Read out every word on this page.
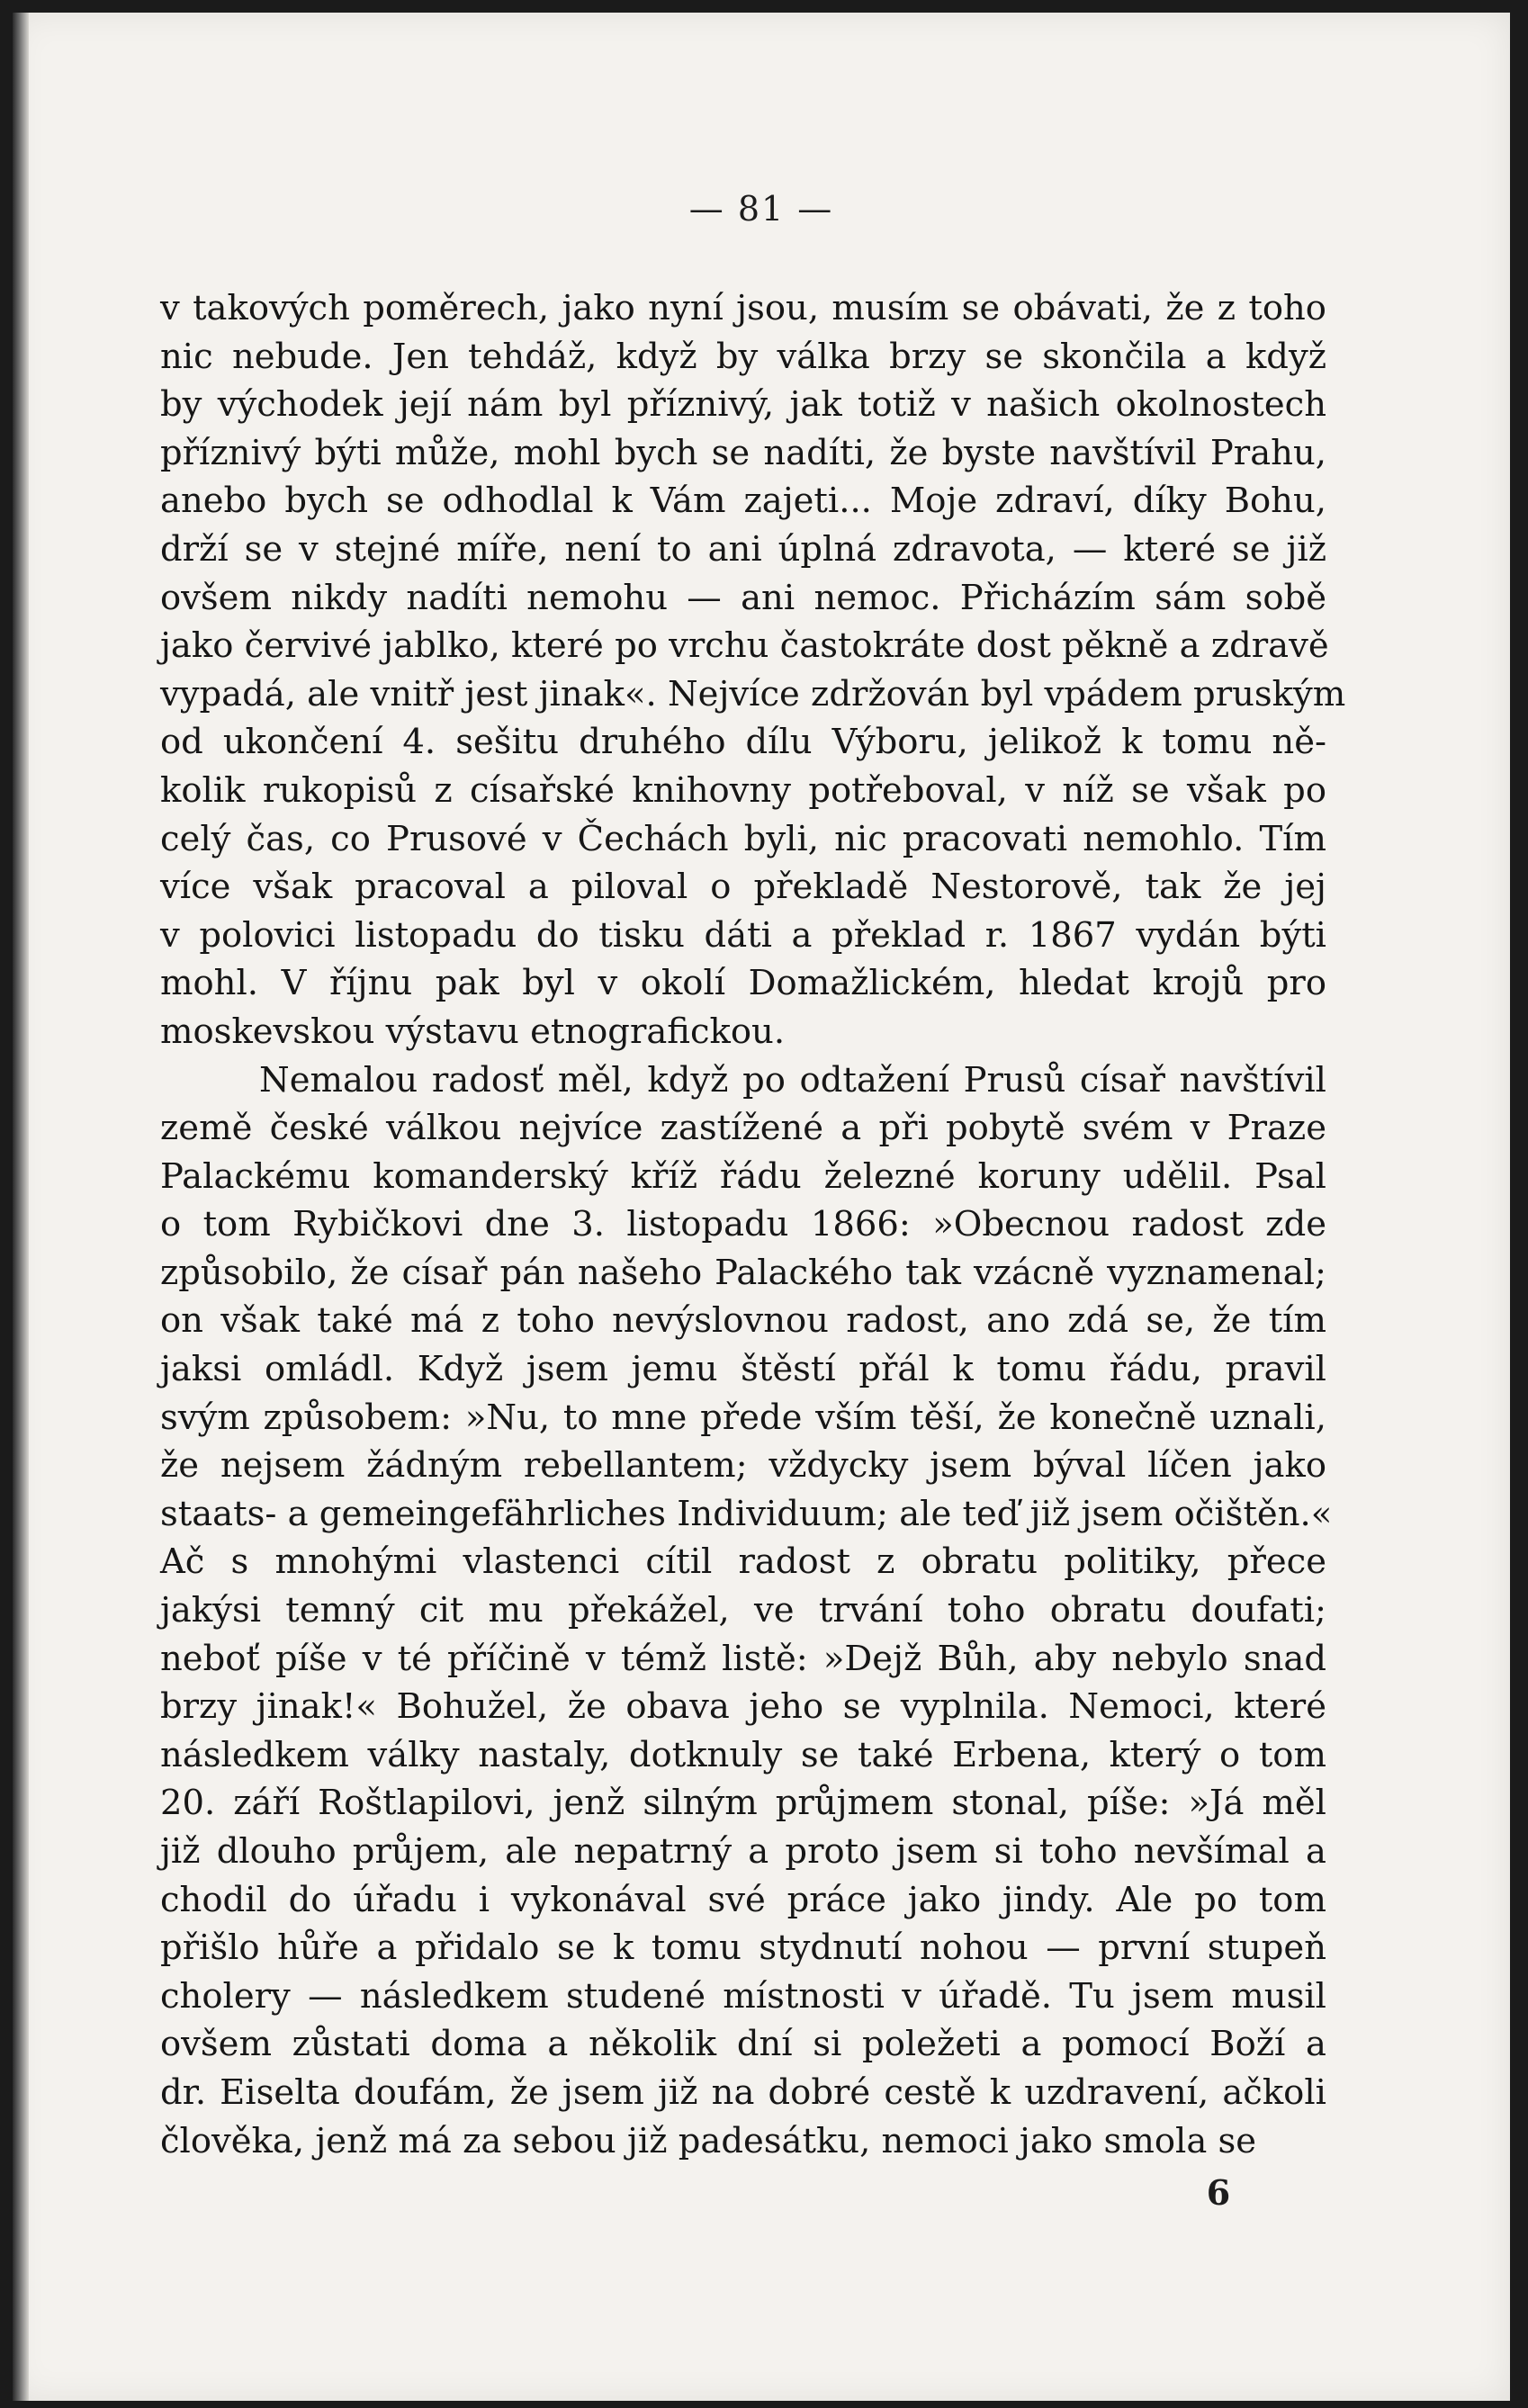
— 81 —
v takových poměrech, jako nyní jsou, musím se obávati, že z toho
nic nebude. Jen tehdáž, když by válka brzy se skončila a když
by východek její nám byl příznivý, jak totiž v našich okolnostech
příznivý býti může, mohl bych se nadíti, že byste navštívil Prahu,
anebo bych se odhodlal k Vám zajeti... Moje zdraví, díky Bohu,
drží se v stejné míře, není to ani úplná zdravota, — které se již
ovšem nikdy nadíti nemohu — ani nemoc. Přicházím sám sobě
jako červivé jablko, které po vrchu častokráte dost pěkně a zdravě
vypadá, ale vnitř jest jinak«. Nejvíce zdržován byl vpádem pruským
od ukončení 4. sešitu druhého dílu Výboru, jelikož k tomu ně-
kolik rukopisů z císařské knihovny potřeboval, v níž se však po
celý čas, co Prusové v Čechách byli, nic pracovati nemohlo. Tím
více však pracoval a piloval o překladě Nestorově, tak že jej
v polovici listopadu do tisku dáti a překlad r. 1867 vydán býti
mohl. V říjnu pak byl v okolí Domažlickém, hledat krojů pro
moskevskou výstavu etnografickou.
Nemalou radosť měl, když po odtažení Prusů císař navštívil
země české válkou nejvíce zastížené a při pobytě svém v Praze
Palackému komanderský kříž řádu železné koruny udělil. Psal
o tom Rybičkovi dne 3. listopadu 1866: »Obecnou radost zde
způsobilo, že císař pán našeho Palackého tak vzácně vyznamenal;
on však také má z toho nevýslovnou radost, ano zdá se, že tím
jaksi omládl. Když jsem jemu štěstí přál k tomu řádu, pravil
svým způsobem: »Nu, to mne přede vším těší, že konečně uznali,
že nejsem žádným rebellantem; vždycky jsem býval líčen jako
staats- a gemeingefährliches Individuum; ale teď již jsem očištěn.«
Ač s mnohými vlastenci cítil radost z obratu politiky, přece
jakýsi temný cit mu překážel, ve trvání toho obratu doufati;
neboť píše v té příčině v témž listě: »Dejž Bůh, aby nebylo snad
brzy jinak!« Bohužel, že obava jeho se vyplnila. Nemoci, které
následkem války nastaly, dotknuly se také Erbena, který o tom
20. září Roštlapilovi, jenž silným průjmem stonal, píše: »Já měl
již dlouho průjem, ale nepatrný a proto jsem si toho nevšímal a
chodil do úřadu i vykonával své práce jako jindy. Ale po tom
přišlo hůře a přidalo se k tomu stydnutí nohou — první stupeň
cholery — následkem studené místnosti v úřadě. Tu jsem musil
ovšem zůstati doma a několik dní si poležeti a pomocí Boží a
dr. Eiselta doufám, že jsem již na dobré cestě k uzdravení, ačkoli
člověka, jenž má za sebou již padesátku, nemoci jako smola se
6
